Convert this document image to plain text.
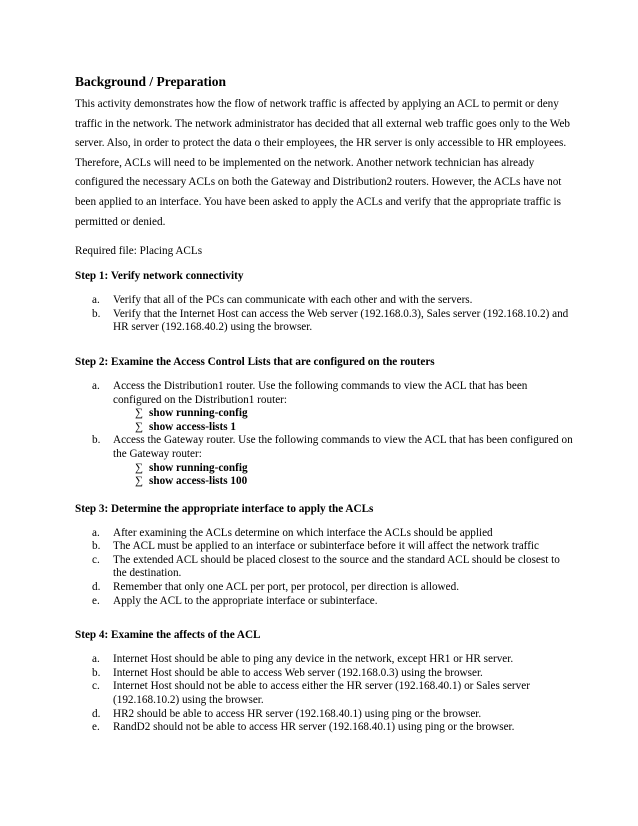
Background / Preparation

This activity demonstrates how the flow of network traffic is affected by applying an ACL to permit or deny traffic in the network. The network administrator has decided that all external web traffic goes only to the Web server. Also, in order to protect the data o their employees, the HR server is only accessible to HR employees. Therefore, ACLs will need to be implemented on the network. Another network technician has already configured the necessary ACLs on both the Gateway and Distribution2 routers. However, the ACLs have not been applied to an interface. You have been asked to apply the ACLs and verify that the appropriate traffic is permitted or denied.

Required file: Placing ACLs

Step 1: Verify network connectivity
a. Verify that all of the PCs can communicate with each other and with the servers.
b. Verify that the Internet Host can access the Web server (192.168.0.3), Sales server (192.168.10.2) and HR server (192.168.40.2) using the browser.
Step 2: Examine the Access Control Lists that are configured on the routers
a. Access the Distribution1 router. Use the following commands to view the ACL that has been configured on the Distribution1 router:
∑ show running-config
∑ show access-lists 1
b. Access the Gateway router. Use the following commands to view the ACL that has been configured on the Gateway router:
∑ show running-config
∑ show access-lists 100
Step 3: Determine the appropriate interface to apply the ACLs
a. After examining the ACLs determine on which interface the ACLs should be applied
b. The ACL must be applied to an interface or subinterface before it will affect the network traffic
c. The extended ACL should be placed closest to the source and the standard ACL should be closest to the destination.
d. Remember that only one ACL per port, per protocol, per direction is allowed.
e. Apply the ACL to the appropriate interface or subinterface.
Step 4: Examine the affects of the ACL
a. Internet Host should be able to ping any device in the network, except HR1 or HR server.
b. Internet Host should be able to access Web server (192.168.0.3) using the browser.
c. Internet Host should not be able to access either the HR server (192.168.40.1) or Sales server (192.168.10.2) using the browser.
d. HR2 should be able to access HR server (192.168.40.1) using ping or the browser.
e. RandD2 should not be able to access HR server (192.168.40.1) using ping or the browser.
